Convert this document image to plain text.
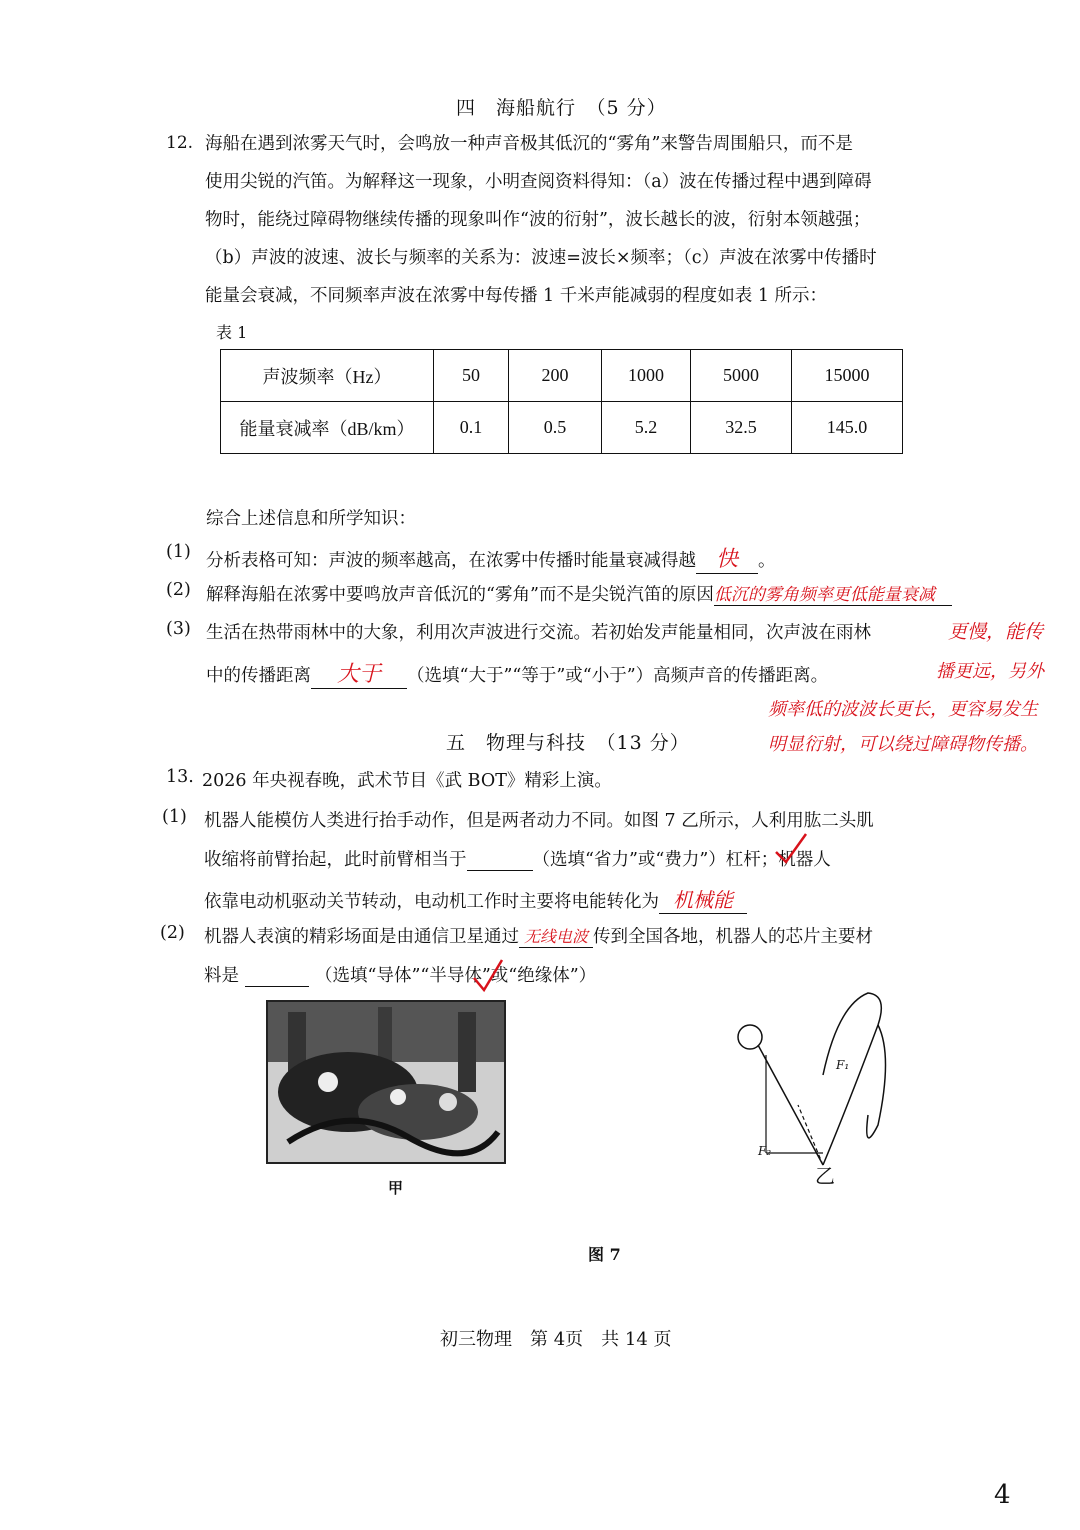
四　海船航行　（5 分）
12. 海船在遇到浓雾天气时，会鸣放一种声音极其低沉的“雾角”来警告周围船只，而不是
使用尖锐的汽笛。为解释这一现象，小明查阅资料得知：（a）波在传播过程中遇到障碍
物时，能绕过障碍物继续传播的现象叫作“波的衍射”，波长越长的波，衍射本领越强；
（b）声波的波速、波长与频率的关系为：波速=波长×频率；（c）声波在浓雾中传播时
能量会衰减，不同频率声波在浓雾中每传播 1 千米声能减弱的程度如表 1 所示：
表 1
声波频率（Hz）	50	200	1000	5000	15000
能量衰减率（dB/km）	0.1	0.5	5.2	32.5	145.0
综合上述信息和所学知识：
(1) 分析表格可知：声波的频率越高，在浓雾中传播时能量衰减得越 快 。
(2) 解释海船在浓雾中要鸣放声音低沉的“雾角”而不是尖锐汽笛的原因低沉的雾角频率更低能量衰减
(3) 生活在热带雨林中的大象，利用次声波进行交流。若初始发声能量相同，次声波在雨林	更慢，能传
中的传播距离 大于 （选填“大于”“等于”或“小于”）高频声音的传播距离。	播更远，另外
频率低的波波长更长，更容易发生
明显衍射，可以绕过障碍物传播。
五　物理与科技　（13 分）
13. 2026 年央视春晚，武术节目《武 BOT》精彩上演。
(1) 机器人能模仿人类进行抬手动作，但是两者动力不同。如图 7 乙所示，人利用肱二头肌
收缩将前臂抬起，此时前臂相当于	（选填“省力”或“费力”）杠杆；机器人
依靠电动机驱动关节转动，电动机工作时主要将电能转化为 机械能
(2) 机器人表演的精彩场面是由通信卫星通过 无线电波 传到全国各地，机器人的芯片主要材
料是	（选填“导体”“半导体”或“绝缘体”）
甲
F₁
F₂
乙
图 7
初三物理　第 4页　共 14 页
4
